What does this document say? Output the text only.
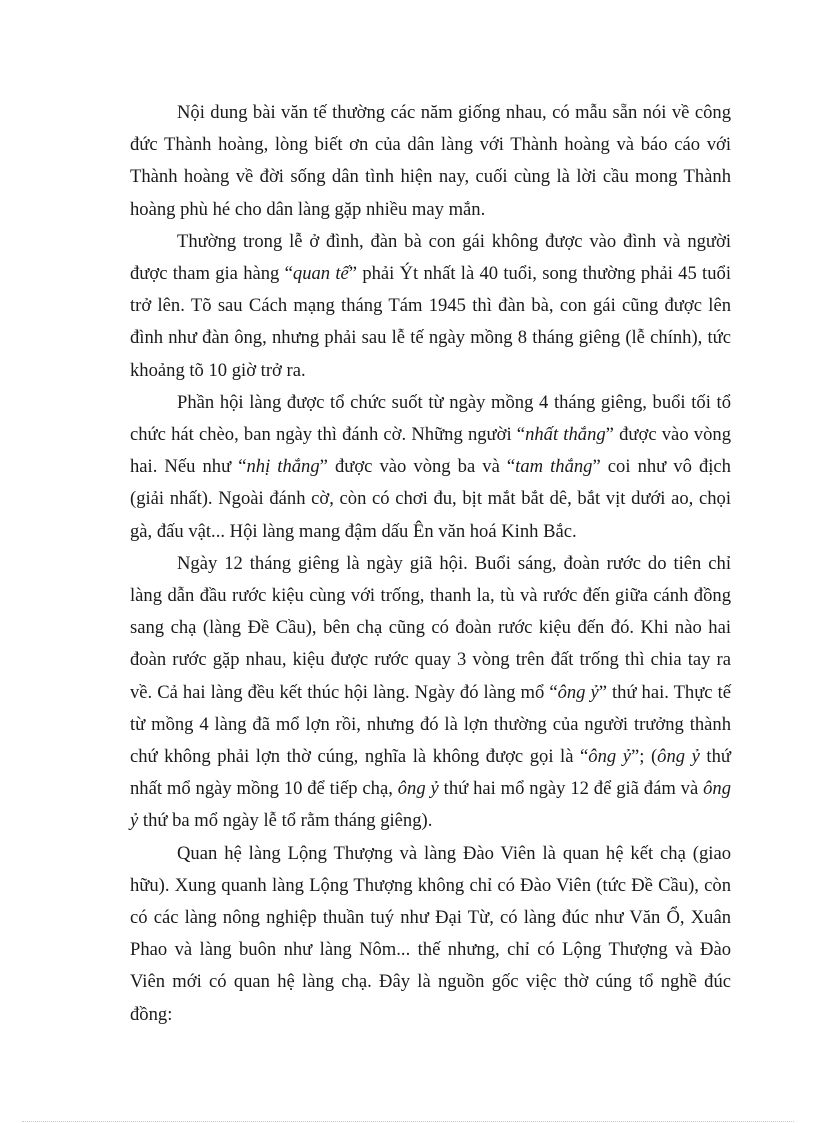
Nội dung bài văn tế thường các năm giống nhau, có mẫu sẵn nói về công đức Thành hoàng, lòng biết ơn của dân làng với Thành hoàng và báo cáo với Thành hoàng về đời sống dân tình hiện nay, cuối cùng là lời cầu mong Thành hoàng phù hé cho dân làng gặp nhiều may mắn.

Thường trong lễ ở đình, đàn bà con gái không được vào đình và người được tham gia hàng “quan tế” phải Ýt nhất là 40 tuổi, song thường phải 45 tuổi trở lên. Tõ sau Cách mạng tháng Tám 1945 thì đàn bà, con gái cũng được lên đình như đàn ông, nhưng phải sau lễ tế ngày mồng 8 tháng giêng (lễ chính), tức khoảng tõ 10 giờ trở ra.

Phần hội làng được tổ chức suốt từ ngày mồng 4 tháng giêng, buổi tối tổ chức hát chèo, ban ngày thì đánh cờ. Những người “nhất thắng” được vào vòng hai. Nếu như “nhị thắng” được vào vòng ba và “tam thắng” coi như vô địch (giải nhất). Ngoài đánh cờ, còn có chơi đu, bịt mắt bắt dê, bắt vịt dưới ao, chọi gà, đấu vật... Hội làng mang đậm dấu Ên văn hoá Kinh Bắc.

Ngày 12 tháng giêng là ngày giã hội. Buổi sáng, đoàn rước do tiên chỉ làng dẫn đầu rước kiệu cùng với trống, thanh la, tù và rước đến giữa cánh đồng sang chạ (làng Đề Cầu), bên chạ cũng có đoàn rước kiệu đến đó. Khi nào hai đoàn rước gặp nhau, kiệu được rước quay 3 vòng trên đất trống thì chia tay ra về. Cả hai làng đều kết thúc hội làng. Ngày đó làng mổ “ông ỷ” thứ hai. Thực tế từ mồng 4 làng đã mổ lợn rồi, nhưng đó là lợn thường của người trưởng thành chứ không phải lợn thờ cúng, nghĩa là không được gọi là “ông ỷ”; (ông ỷ thứ nhất mổ ngày mồng 10 để tiếp chạ, ông ỷ thứ hai mổ ngày 12 để giã đám và ông ỷ thứ ba mổ ngày lễ tổ rằm tháng giêng).

Quan hệ làng Lộng Thượng và làng Đào Viên là quan hệ kết chạ (giao hữu). Xung quanh làng Lộng Thượng không chỉ có Đào Viên (tức Đề Cầu), còn có các làng nông nghiệp thuần tuý như Đại Từ, có làng đúc như Văn Ổ, Xuân Phao và làng buôn như làng Nôm... thế nhưng, chỉ có Lộng Thượng và Đào Viên mới có quan hệ làng chạ. Đây là nguồn gốc việc thờ cúng tổ nghề đúc đồng:
